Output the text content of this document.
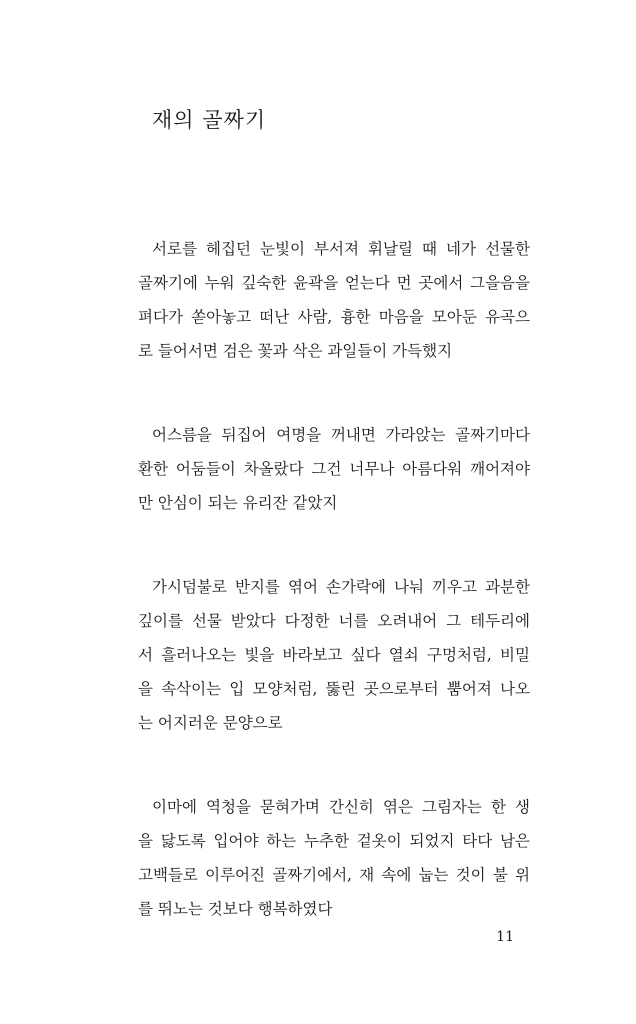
재의 골짜기
서로를 헤집던 눈빛이 부서져 휘날릴 때 네가 선물한
골짜기에 누워 깊숙한 윤곽을 얻는다 먼 곳에서 그을음을
펴다가 쏟아놓고 떠난 사람, 흉한 마음을 모아둔 유곡으
로 들어서면 검은 꽃과 삭은 과일들이 가득했지
어스름을 뒤집어 여명을 꺼내면 가라앉는 골짜기마다
환한 어둠들이 차올랐다 그건 너무나 아름다워 깨어져야
만 안심이 되는 유리잔 같았지
가시덤불로 반지를 엮어 손가락에 나눠 끼우고 과분한
깊이를 선물 받았다 다정한 너를 오려내어 그 테두리에
서 흘러나오는 빛을 바라보고 싶다 열쇠 구멍처럼, 비밀
을 속삭이는 입 모양처럼, 뚫린 곳으로부터 뿜어져 나오
는 어지러운 문양으로
이마에 역청을 묻혀가며 간신히 엮은 그림자는 한 생
을 닳도록 입어야 하는 누추한 겉옷이 되었지 타다 남은
고백들로 이루어진 골짜기에서, 재 속에 눕는 것이 불 위
를 뛰노는 것보다 행복하였다
11
